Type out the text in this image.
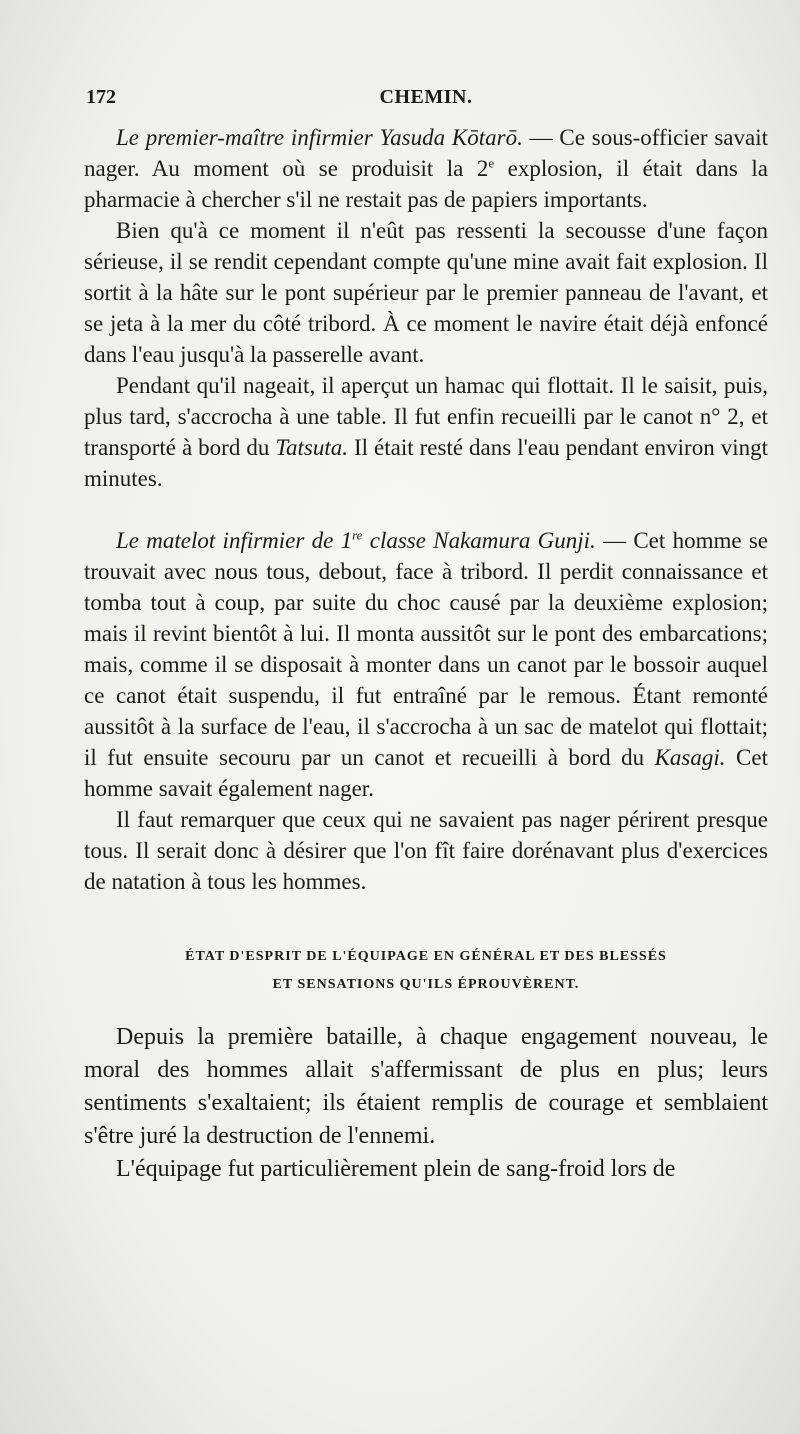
172	CHEMIN.

Le premier-maître infirmier Yasuda Kōtarō. — Ce sous-officier savait nager. Au moment où se produisit la 2e explosion, il était dans la pharmacie à chercher s'il ne restait pas de papiers importants.

Bien qu'à ce moment il n'eût pas ressenti la secousse d'une façon sérieuse, il se rendit cependant compte qu'une mine avait fait explosion. Il sortit à la hâte sur le pont supérieur par le premier panneau de l'avant, et se jeta à la mer du côté tribord. À ce moment le navire était déjà enfoncé dans l'eau jusqu'à la passerelle avant.

Pendant qu'il nageait, il aperçut un hamac qui flottait. Il le saisit, puis, plus tard, s'accrocha à une table. Il fut enfin recueilli par le canot n° 2, et transporté à bord du Tatsuta. Il était resté dans l'eau pendant environ vingt minutes.

Le matelot infirmier de 1re classe Nakamura Gunji. — Cet homme se trouvait avec nous tous, debout, face à tribord. Il perdit connaissance et tomba tout à coup, par suite du choc causé par la deuxième explosion; mais il revint bientôt à lui. Il monta aussitôt sur le pont des embarcations; mais, comme il se disposait à monter dans un canot par le bossoir auquel ce canot était suspendu, il fut entraîné par le remous. Étant remonté aussitôt à la surface de l'eau, il s'accrocha à un sac de matelot qui flottait; il fut ensuite secouru par un canot et recueilli à bord du Kasagi. Cet homme savait également nager.

Il faut remarquer que ceux qui ne savaient pas nager périrent presque tous. Il serait donc à désirer que l'on fît faire dorénavant plus d'exercices de natation à tous les hommes.

ÉTAT D'ESPRIT DE L'ÉQUIPAGE EN GÉNÉRAL ET DES BLESSÉS
ET SENSATIONS QU'ILS ÉPROUVÈRENT.

Depuis la première bataille, à chaque engagement nouveau, le moral des hommes allait s'affermissant de plus en plus; leurs sentiments s'exaltaient; ils étaient remplis de courage et semblaient s'être juré la destruction de l'ennemi.

L'équipage fut particulièrement plein de sang-froid lors de
